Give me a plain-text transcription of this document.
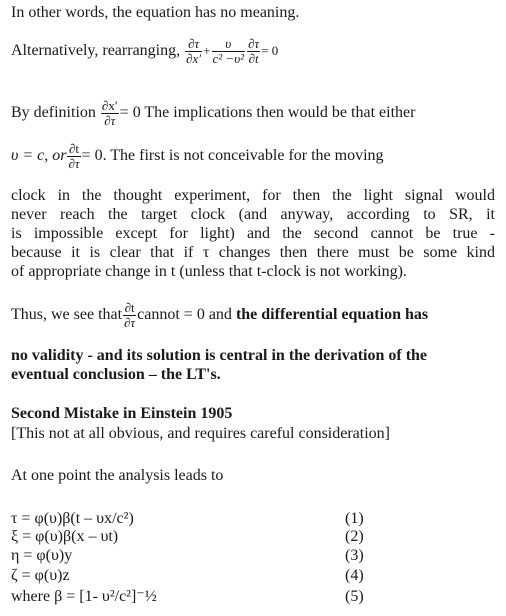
In other words, the equation has no meaning.
Alternatively, rearranging, $\frac{\partial\tau}{\partial x'} + \frac{\upsilon}{\text{c² −υ²}} \frac{\partial\tau}{\partial t} = 0$
By definition $\frac{\partial x'}{\partial\tau} = 0$ The implications then would be that either
υ = c, or $\frac{\partial t}{\partial\tau} = 0$. The first is not conceivable for the moving
clock in the thought experiment, for then the light signal would
never reach the target clock (and anyway, according to SR, it
is impossible except for light) and the second cannot be true -
because it is clear that if τ changes then there must be some kind
of appropriate change in t (unless that t-clock is not working).
Thus, we see that $\frac{\partial t}{\partial\tau}$ cannot = 0 and the differential equation has
no validity - and its solution is central in the derivation of the
eventual conclusion – the LT's.
Second Mistake in Einstein 1905
[This not at all obvious, and requires careful consideration]
At one point the analysis leads to
τ = φ(υ)β(t – υx/c²)	(1)
ξ = φ(υ)β(x – υt)	(2)
η = φ(υ)y	(3)
ζ = φ(υ)z	(4)
where β = [1- υ²/c²]⁻½	(5)
